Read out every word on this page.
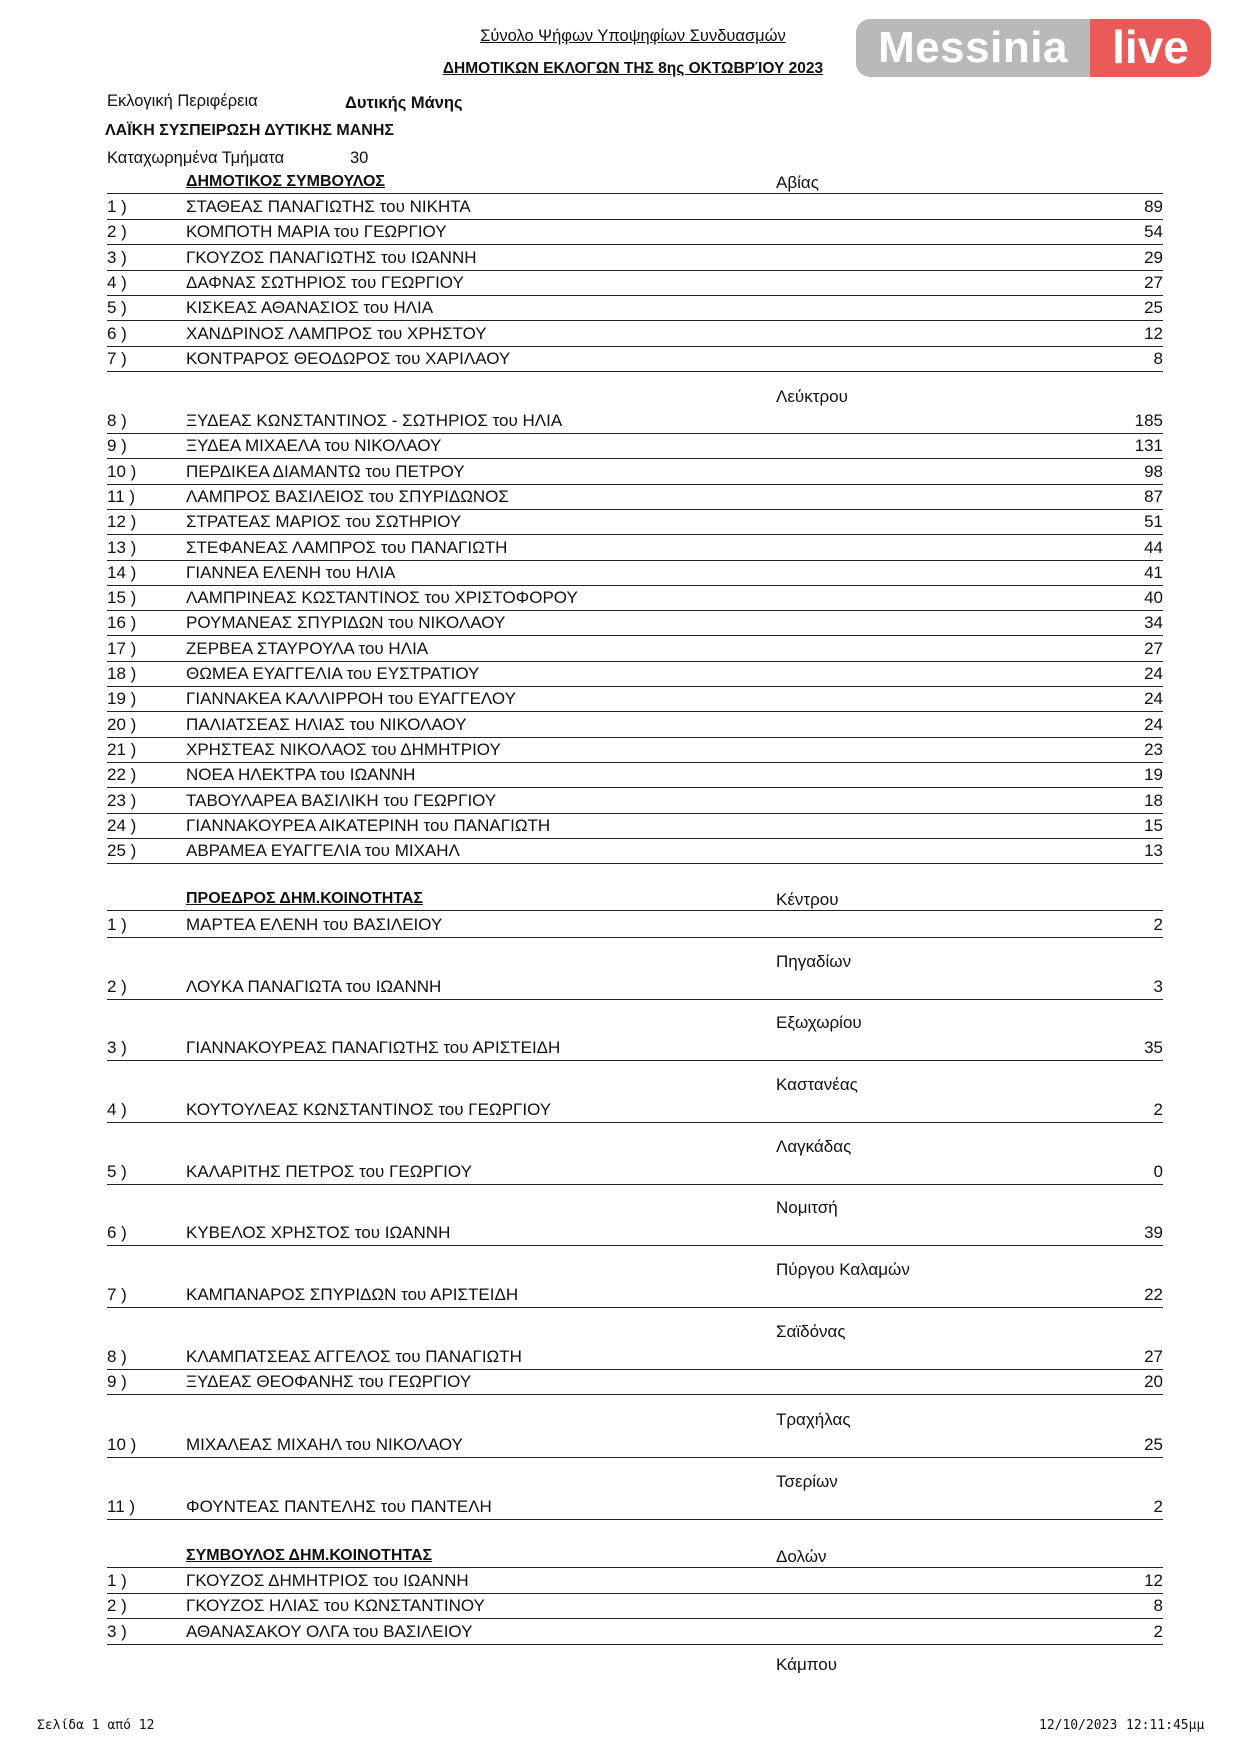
Σύνολο Ψήφων Υποψηφίων Συνδυασμών
ΔΗΜΟΤΙΚΩΝ ΕΚΛΟΓΩΝ ΤΗΣ 8ης ΟΚΤΩΒΡΊΟΥ 2023	Messinia live
Εκλογική Περιφέρεια	Δυτικής Μάνης
ΛΑΪΚΗ ΣΥΣΠΕΙΡΩΣΗ ΔΥΤΙΚΗΣ ΜΑΝΗΣ
Καταχωρημένα Τμήματα	30
ΔΗΜΟΤΙΚΟΣ ΣΥΜΒΟΥΛΟΣ	Αβίας
1 )	ΣΤΑΘΕΑΣ ΠΑΝΑΓΙΩΤΗΣ του ΝΙΚΗΤΑ	89
2 )	ΚΟΜΠΟΤΗ ΜΑΡΙΑ του ΓΕΩΡΓΙΟΥ	54
3 )	ΓΚΟΥΖΟΣ ΠΑΝΑΓΙΩΤΗΣ του ΙΩΑΝΝΗ	29
4 )	ΔΑΦΝΑΣ ΣΩΤΗΡΙΟΣ του ΓΕΩΡΓΙΟΥ	27
5 )	ΚΙΣΚΕΑΣ ΑΘΑΝΑΣΙΟΣ του ΗΛΙΑ	25
6 )	ΧΑΝΔΡΙΝΟΣ ΛΑΜΠΡΟΣ του ΧΡΗΣΤΟΥ	12
7 )	ΚΟΝΤΡΑΡΟΣ ΘΕΟΔΩΡΟΣ του ΧΑΡΙΛΑΟΥ	8
Λεύκτρου
8 )	ΞΥΔΕΑΣ ΚΩΝΣΤΑΝΤΙΝΟΣ - ΣΩΤΗΡΙΟΣ του ΗΛΙΑ	185
9 )	ΞΥΔΕΑ ΜΙΧΑΕΛΑ του ΝΙΚΟΛΑΟΥ	131
10 )	ΠΕΡΔΙΚΕΑ ΔΙΑΜΑΝΤΩ του ΠΕΤΡΟΥ	98
11 )	ΛΑΜΠΡΟΣ ΒΑΣΙΛΕΙΟΣ του ΣΠΥΡΙΔΩΝΟΣ	87
12 )	ΣΤΡΑΤΕΑΣ ΜΑΡΙΟΣ του ΣΩΤΗΡΙΟΥ	51
13 )	ΣΤΕΦΑΝΕΑΣ ΛΑΜΠΡΟΣ του ΠΑΝΑΓΙΩΤΗ	44
14 )	ΓΙΑΝΝΕΑ ΕΛΕΝΗ του ΗΛΙΑ	41
15 )	ΛΑΜΠΡΙΝΕΑΣ ΚΩΣΤΑΝΤΙΝΟΣ του ΧΡΙΣΤΟΦΟΡΟΥ	40
16 )	ΡΟΥΜΑΝΕΑΣ ΣΠΥΡΙΔΩΝ του ΝΙΚΟΛΑΟΥ	34
17 )	ΖΕΡΒΕΑ ΣΤΑΥΡΟΥΛΑ του ΗΛΙΑ	27
18 )	ΘΩΜΕΑ ΕΥΑΓΓΕΛΙΑ του ΕΥΣΤΡΑΤΙΟΥ	24
19 )	ΓΙΑΝΝΑΚΕΑ ΚΑΛΛΙΡΡΟΗ του ΕΥΑΓΓΕΛΟΥ	24
20 )	ΠΑΛΙΑΤΣΕΑΣ ΗΛΙΑΣ του ΝΙΚΟΛΑΟΥ	24
21 )	ΧΡΗΣΤΕΑΣ ΝΙΚΟΛΑΟΣ του ΔΗΜΗΤΡΙΟΥ	23
22 )	ΝΟΕΑ ΗΛΕΚΤΡΑ του ΙΩΑΝΝΗ	19
23 )	ΤΑΒΟΥΛΑΡΕΑ ΒΑΣΙΛΙΚΗ του ΓΕΩΡΓΙΟΥ	18
24 )	ΓΙΑΝΝΑΚΟΥΡΕΑ ΑΙΚΑΤΕΡΙΝΗ του ΠΑΝΑΓΙΩΤΗ	15
25 )	ΑΒΡΑΜΕΑ ΕΥΑΓΓΕΛΙΑ του ΜΙΧΑΗΛ	13
ΠΡΟΕΔΡΟΣ ΔΗΜ.ΚΟΙΝΟΤΗΤΑΣ	Κέντρου
1 )	ΜΑΡΤΕΑ ΕΛΕΝΗ του ΒΑΣΙΛΕΙΟΥ	2
Πηγαδίων
2 )	ΛΟΥΚΑ ΠΑΝΑΓΙΩΤΑ του ΙΩΑΝΝΗ	3
Εξωχωρίου
3 )	ΓΙΑΝΝΑΚΟΥΡΕΑΣ ΠΑΝΑΓΙΩΤΗΣ του ΑΡΙΣΤΕΙΔΗ	35
Καστανέας
4 )	ΚΟΥΤΟΥΛΕΑΣ ΚΩΝΣΤΑΝΤΙΝΟΣ του ΓΕΩΡΓΙΟΥ	2
Λαγκάδας
5 )	ΚΑΛΑΡΙΤΗΣ ΠΕΤΡΟΣ του ΓΕΩΡΓΙΟΥ	0
Νομιτσή
6 )	ΚΥΒΕΛΟΣ ΧΡΗΣΤΟΣ του ΙΩΑΝΝΗ	39
Πύργου Καλαμών
7 )	ΚΑΜΠΑΝΑΡΟΣ ΣΠΥΡΙΔΩΝ του ΑΡΙΣΤΕΙΔΗ	22
Σαϊδόνας
8 )	ΚΛΑΜΠΑΤΣΕΑΣ ΑΓΓΕΛΟΣ του ΠΑΝΑΓΙΩΤΗ	27
9 )	ΞΥΔΕΑΣ ΘΕΟΦΑΝΗΣ του ΓΕΩΡΓΙΟΥ	20
Τραχήλας
10 )	ΜΙΧΑΛΕΑΣ ΜΙΧΑΗΛ του ΝΙΚΟΛΑΟΥ	25
Τσερίων
11 )	ΦΟΥΝΤΕΑΣ ΠΑΝΤΕΛΗΣ του ΠΑΝΤΕΛΗ	2
ΣΥΜΒΟΥΛΟΣ ΔΗΜ.ΚΟΙΝΟΤΗΤΑΣ	Δολών
1 )	ΓΚΟΥΖΟΣ ΔΗΜΗΤΡΙΟΣ του ΙΩΑΝΝΗ	12
2 )	ΓΚΟΥΖΟΣ ΗΛΙΑΣ του ΚΩΝΣΤΑΝΤΙΝΟΥ	8
3 )	ΑΘΑΝΑΣΑΚΟΥ ΟΛΓΑ του ΒΑΣΙΛΕΙΟΥ	2
Κάμπου
Σελίδα 1 από 12	12/10/2023 12:11:45μμ
